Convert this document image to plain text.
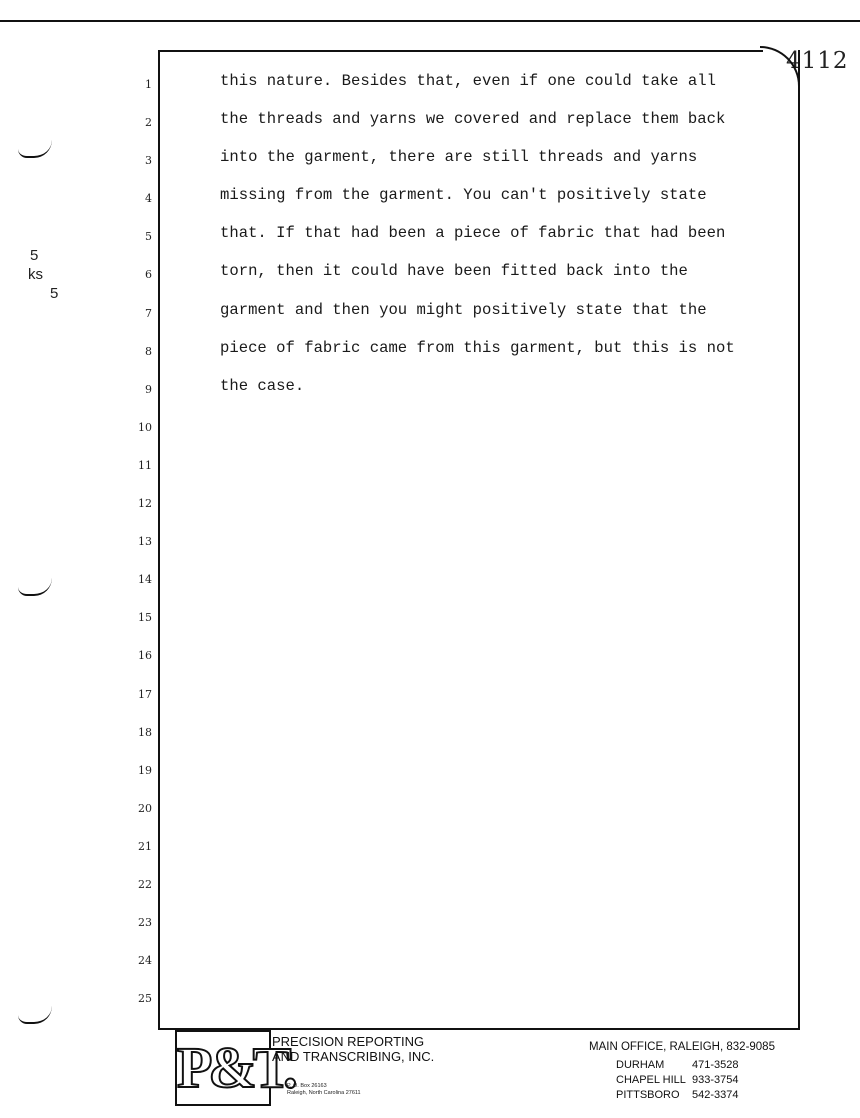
4112
5
ks
5
1
2
3
4
5
6
7
8
9
10
11
12
13
14
15
16
17
18
19
20
21
22
23
24
25
this nature. Besides that, even if one could take all
the threads and yarns we covered and replace them back
into the garment, there are still threads and yarns
missing from the garment. You can't positively state
that. If that had been a piece of fabric that had been
torn, then it could have been fitted back into the
garment and then you might positively state that the
piece of fabric came from this garment, but this is not
the case.
P&T.
PRECISION REPORTING
AND TRANSCRIBING, INC.
P. O. Box 26163
Raleigh, North Carolina 27611
MAIN OFFICE, RALEIGH, 832-9085
DURHAM	471-3528
CHAPEL HILL 933-3754
PITTSBORO 542-3374
